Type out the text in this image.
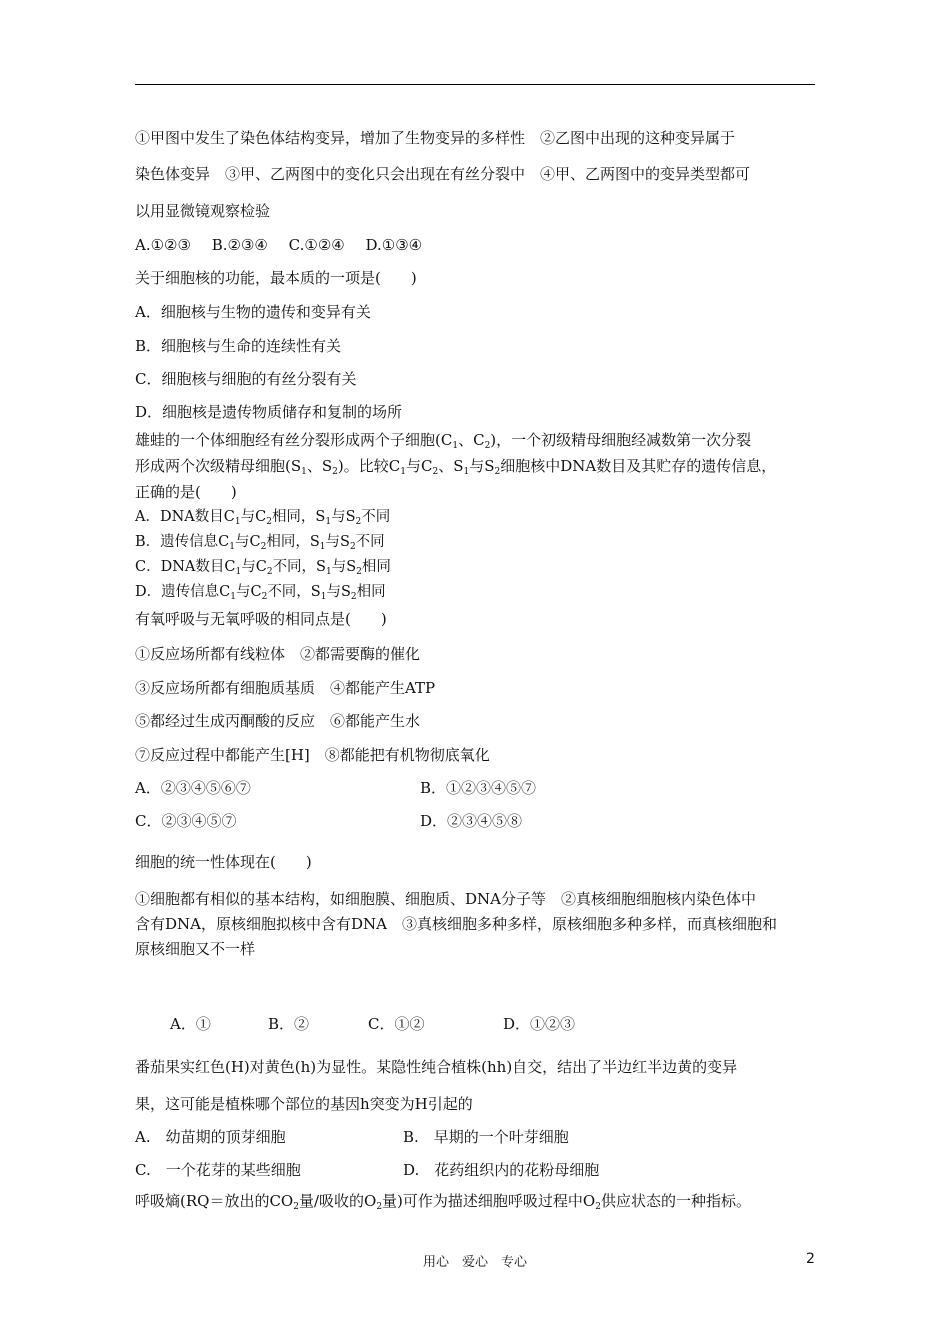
①甲图中发生了染色体结构变异，增加了生物变异的多样性　②乙图中出现的这种变异属于
染色体变异　③甲、乙两图中的变化只会出现在有丝分裂中　④甲、乙两图中的变异类型都可
以用显微镜观察检验
A.①②③ B.②③④ C.①②④ D.①③④
关于细胞核的功能，最本质的一项是(　　)
A．细胞核与生物的遗传和变异有关
B．细胞核与生命的连续性有关
C．细胞核与细胞的有丝分裂有关
D．细胞核是遗传物质储存和复制的场所
雄蛙的一个体细胞经有丝分裂形成两个子细胞($C_1$、$C_2$)，一个初级精母细胞经减数第一次分裂
形成两个次级精母细胞($S_1$、$S_2$)。比较$C_1$与$C_2$、$S_1$与$S_2$细胞核中DNA数目及其贮存的遗传信息，
正确的是(　　)
A．DNA数目$C_1$与$C_2$相同，$S_1$与$S_2$不同
B．遗传信息$C_1$与$C_2$相同，$S_1$与$S_2$不同
C．DNA数目$C_1$与$C_2$不同，$S_1$与$S_2$相同
D．遗传信息$C_1$与$C_2$不同，$S_1$与$S_2$相同
有氧呼吸与无氧呼吸的相同点是(　　)
①反应场所都有线粒体　②都需要酶的催化
③反应场所都有细胞质基质　④都能产生ATP
⑤都经过生成丙酮酸的反应　⑥都能产生水
⑦反应过程中都能产生[H]　⑧都能把有机物彻底氧化
A．②③④⑤⑥⑦	B．①②③④⑤⑦
C．②③④⑤⑦	D．②③④⑤⑧
细胞的统一性体现在(　　)
①细胞都有相似的基本结构，如细胞膜、细胞质、DNA分子等　②真核细胞细胞核内染色体中
含有DNA，原核细胞拟核中含有DNA　③真核细胞多种多样，原核细胞多种多样，而真核细胞和
原核细胞又不一样
A．①	B．②	C．①②	D．①②③
番茄果实红色(H)对黄色(h)为显性。某隐性纯合植株(hh)自交，结出了半边红半边黄的变异
果，这可能是植株哪个部位的基因h突变为H引起的
A.　幼苗期的顶芽细胞	B.　早期的一个叶芽细胞
C.　一个花芽的某些细胞	D.　花药组织内的花粉母细胞
呼吸熵(RQ＝放出的$CO_2$量/吸收的$O_2$量)可作为描述细胞呼吸过程中$O_2$供应状态的一种指标。
用心　爱心　专心	2
